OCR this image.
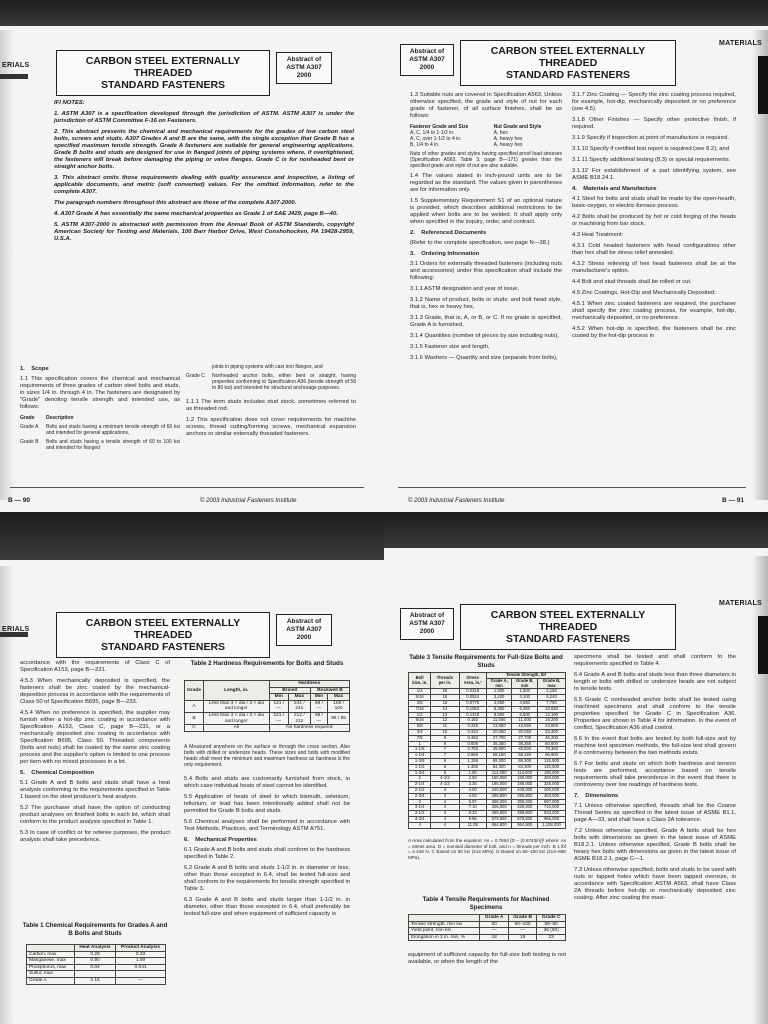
ERIALS	CARBON STEEL EXTERNALLY THREADED
STANDARD FASTENERS
Abstract of
ASTM A307
2000

IFI NOTES:

1. ASTM A307 is a specification developed through the jurisdiction of ASTM. ASTM A307 is under the jurisdiction of ASTM Committee F-16 on Fasteners.

2. This abstract presents the chemical and mechanical requirements for the grades of low carbon steel bolts, screws and studs. A307 Grades A and B are the same, with the single exception that Grade B has a specified maximum tensile strength. Grade A fasteners are suitable for general engineering applications. Grade B bolts and studs are designed for use in flanged joints of piping systems where, if overtightened, the fasteners will break before damaging the piping or valve flanges. Grade C is for nonheaded bent or straight anchor bolts.

3. This abstract omits those requirements dealing with quality assurance and inspection, a listing of applicable documents, and metric (soft converted) values. For the omitted information, refer to the complete A307.

The paragraph numbers throughout this abstract are those of the complete A307-2000.

4. A307 Grade A has essentially the same mechanical properties as Grade 1 of SAE J429, page B—40.

5. ASTM A307-2000 is abstracted with permission from the Annual Book of ASTM Standards, copyright American Society for Testing and Materials, 100 Barr Harbor Drive, West Conshohocken, PA 19428-2959, U.S.A.

1. Scope

1.1 This specification covers the chemical and mechanical requirements of three grades of carbon steel bolts and studs, in sizes 1/4 in. through 4 in. The fasteners are designated by "Grade" denoting tensile strength and intended use, as follows:

Grade	Description
Grade A	Bolts and studs having a minimum tensile strength of 60 ksi and intended for general applications,
Grade B	Bolts and studs having a tensile strength of 60 to 100 ksi and intended for flanged
joints in piping systems with cast iron flanges, and
Grade C	Nonheaded anchor bolts, either bent or straight, having properties conforming to Specification A36 (tensile strength of 58 to 80 ksi) and intended for structural anchorage purposes.

1.1.1 The term studs includes stud stock, sometimes referred to as threaded rod.

1.2 This specification does not cover requirements for machine screws, thread cutting/forming screws, mechanical expansion anchors or similar externally threaded fasteners.

B — 90	© 2003 Industrial Fasteners Institute
MATERIALS
Abstract of
ASTM A307
2000
CARBON STEEL EXTERNALLY THREADED
STANDARD FASTENERS

1.3 Suitable nuts are covered in Specification A563. Unless otherwise specified, the grade and style of nut for each grade of fastener, of all surface finishes, shall be as follows:

Fastener Grade and Size	Nut Grade and Style
A, C, 1/4 to 1-1/2 in.	A, hex
A, C, over 1-1/2 to 4 in.	A, heavy hex
B, 1/4 to 4 in.	A, heavy hex

Nuts of other grades and styles having specified proof load stresses (Specification A563, Table 3, page B—171) greater than the specified grade and style of nut are also suitable.

1.4 The values stated in inch-pound units are to be regarded as the standard. The values given in parentheses are for information only.

1.5 Supplementary Requirement S1 of an optional nature is provided, which describes additional restrictions to be applied when bolts are to be welded. It shall apply only when specified in the inquiry, order, and contract.

2. Referenced Documents

(Refer to the complete specification, see page N—38.)

3. Ordering Information

3.1 Orders for externally threaded fasteners (including nuts and accessories) under this specification shall include the following:

3.1.1 ASTM designation and year of issue,

3.1.2 Name of product, bolts or studs; and bolt head style, that is, hex or heavy hex,

3.1.3 Grade, that is, A, or B, or C. If no grade is specified, Grade A is furnished,

3.1.4 Quantities (number of pieces by size including nuts),

3.1.5 Fastener size and length,

3.1.6 Washers — Quantity and size (separate from bolts),

3.1.7 Zinc Coating — Specify the zinc coating process required, for example, hot-dip, mechanically deposited or no preference (see 4.5).

3.1.8 Other Finishes — Specify other protective finish, if required.

3.1.9 Specify if inspection at point of manufacture is required.

3.1.10 Specify if certified test report is required (see 8.2), and

3.1.11 Specify additional testing (8.3) or special requirements.

3.1.12 For establishment of a part identifying system, see ASME B18.24.1.

4. Materials and Manufacture

4.1 Steel for bolts and studs shall be made by the open-hearth, basic-oxygen, or electric-furnace process.

4.2 Bolts shall be produced by hot or cold forging of the heads or machining from bar stock.

4.3 Heat Treatment:

4.3.1 Cold headed fasteners with head configurations other than hex shall be stress relief annealed.

4.3.2 Stress relieving of hex head fasteners shall be at the manufacturer's option.

4.4 Bolt and stud threads shall be rolled or cut.

4.5 Zinc Coatings, Hot-Dip and Mechanically Deposited:

4.5.1 When zinc coated fasteners are required, the purchaser shall specify the zinc coating process, for example, hot-dip, mechanically deposited, or no preference.

4.5.2 When hot-dip is specified, the fasteners shall be zinc coated by the hot-dip process in

© 2003 Industrial Fasteners Institute	B — 91
ERIALS
CARBON STEEL EXTERNALLY THREADED
STANDARD FASTENERS
Abstract of
ASTM A307
2000

accordance with the requirements of Class C of Specification A153, page B—231.

4.5.3 When mechanically deposited is specified, the fasteners shall be zinc coated by the mechanical-deposition process in accordance with the requirements of Class 50 of Specification B695, page B—233.

4.5.4 When no preference is specified, the supplier may furnish either a hot-dip zinc coating in accordance with Specification A153, Class C, page B—231, or a mechanically deposited zinc coating in accordance with Specification B695, Class 50. Threaded components (bolts and nuts) shall be coated by the same zinc coating process and the supplier's option is limited to one process per item with no mixed processes in a lot.

5. Chemical Composition

5.1 Grade A and B bolts and studs shall have a heat analysis conforming to the requirements specified in Table 1 based on the steel producer's heat analysis.

5.2 The purchaser shall have the option of conducting product analyses on finished bolts in each lot, which shall conform to the product analysis specified in Table 1.

5.3 In case of conflict or for referee purposes, the product analysis shall take precedence.

Table 1 Chemical Requirements for Grades A and B Bolts and Studs
	Heat Analysis	Product Analysis
Carbon, max	0.29	0.33
Manganese, max	0.90	1.00
Phosphorus, max	0.04	0.041
Sulfur, max		
Grade A	0.15	—
Table 2 Hardness Requirements for Bolts and Studs
Grade	Length, in.	Hardness			
		Brinell		Rockwell B	
		Min	Max	Min	Max
A	Less than 3 × dia / 3 × dia and longer	121 / —	241 / 241	69 / —	100 / 100
B	Less than 3 × dia / 3 × dia and longer	121 / —	212 / 212	69 / —	95 / 95
C	All	No hardness required			
A Measured anywhere on the surface or through the cross section. Also bolts with drilled or undersize heads. These sizes and bolts with modified heads shall meet the minimum and maximum hardness as hardness is the only requirement.

5.4 Bolts and studs are customarily furnished from stock, in which case individual heats of steel cannot be identified.

5.5 Application of heats of steel to which bismuth, selenium, tellurium, or lead has been intentionally added shall not be permitted for Grade B bolts and studs.

5.6 Chemical analyses shall be performed in accordance with Test Methods, Practices, and Terminology ASTM A751.

6. Mechanical Properties

6.1 Grade A and B bolts and studs shall conform to the hardness specified in Table 2.

6.2 Grade A and B bolts and studs 1-1/2 in. in diameter or less, other than those excepted in 6.4, shall be tested full-size and shall conform to the requirements for tensile strength specified in Table 3.

6.3 Grade A and B bolts and studs larger than 1-1/2 in. in diameter, other than those excepted in 6.4, shall preferably be tested full-size and when equipment of sufficient capacity is

MATERIALS
Abstract of
ASTM A307
2000
CARBON STEEL EXTERNALLY THREADED
STANDARD FASTENERS
Table 3 Tensile Requirements for Full-Size Bolts and Studs
Bolt Size, in.	Threads per in.	Stress Area, in.²	Tensile Strength, lbf		
			Grade A, min	Grade B, min	Grade B, max
1/4	20	0.0318	1,900	1,900	3,180
5/16	18	0.0524	3,100	3,100	5,240
3/8	16	0.0775	4,650	4,650	7,750
7/16	14	0.1063	6,350	6,350	10,630
1/2	13	0.1419	8,500	8,500	14,190
9/16	12	0.182	11,000	11,000	18,200
5/8	11	0.226	13,550	13,550	22,600
3/4	10	0.334	20,050	20,050	33,400
7/8	9	0.462	27,700	27,700	46,200
1	8	0.606	36,350	36,350	60,600
1-1/8	7	0.763	45,800	45,800	76,300
1-1/4	7	0.969	58,150	58,150	96,900
1-3/8	6	1.155	69,300	69,300	115,500
1-1/2	6	1.405	84,300	84,300	140,500
1-3/4	5	1.90	114,000	114,000	190,000
2	4-1/2	2.50	150,000	150,000	250,000
2-1/4	4-1/2	3.25	195,000	195,000	325,000
2-1/2	4	4.00	240,000	240,000	400,000
2-3/4	4	4.93	295,800	295,800	493,000
3	4	5.97	358,200	358,200	597,000
3-1/4	4	7.10	426,000	426,000	710,000
3-1/2	4	8.33	499,800	499,800	833,000
3-3/4	4	9.66	579,600	579,600	966,000
4	4	11.08	664,800	664,800	1,108,000
A Area calculated from the equation: As = 0.7854 [D − (0.9743/n)]² where: As = stress area, D = nominal diameter of bolt, and n = threads per inch. B 1 lbf = 4.448 N. C Based on 60 ksi (414 MPa). D Based on 60–100 ksi (414–690 MPa).
Table 4 Tensile Requirements for Machined Specimens
	Grade A	Grade B	Grade C
Tensile strength, min ksi	60	60–100	58–80
Yield point, min ksi	—	—	36 (50)
Elongation in 2 in. min, %	18	18	23
equipment of sufficient capacity for full-size bolt testing is not available, or when the length of the

specimens shall be tested and shall conform to the requirements specified in Table 4.

6.4 Grade A and B bolts and studs less than three diameters in length or bolts with drilled or undersize heads are not subject to tensile tests.

6.5 Grade C nonheaded anchor bolts shall be tested using machined specimens and shall conform to the tensile properties specified for Grade C in Specification A36. Properties are shown in Table 4 for information. In the event of conflict, Specification A36 shall control.

6.6 In the event that bolts are tested by both full-size and by machine test specimen methods, the full-size test shall govern if a controversy between the two methods exists.

6.7 For bolts and studs on which both hardness and tension tests are performed, acceptance based on tensile requirements shall take precedence in the event that there is controversy over low readings of hardness tests.

7. Dimensions

7.1 Unless otherwise specified, threads shall be the Coarse Thread Series as specified in the latest issue of ASME B1.1, page A—33, and shall have a Class 2A tolerance.

7.2 Unless otherwise specified, Grade A bolts shall be hex bolts with dimensions as given in the latest issue of ASME B18.2.1. Unless otherwise specified, Grade B bolts shall be heavy hex bolts with dimensions as given in the latest issue of ASME B18.2.1, page C—1.

7.3 Unless otherwise specified, bolts and studs to be used with nuts or tapped holes which have been tapped oversize, in accordance with Specification ASTM A563, shall have Class 2A threads before hot-dip or mechanically deposited zinc coating. After zinc coating the maxi-
